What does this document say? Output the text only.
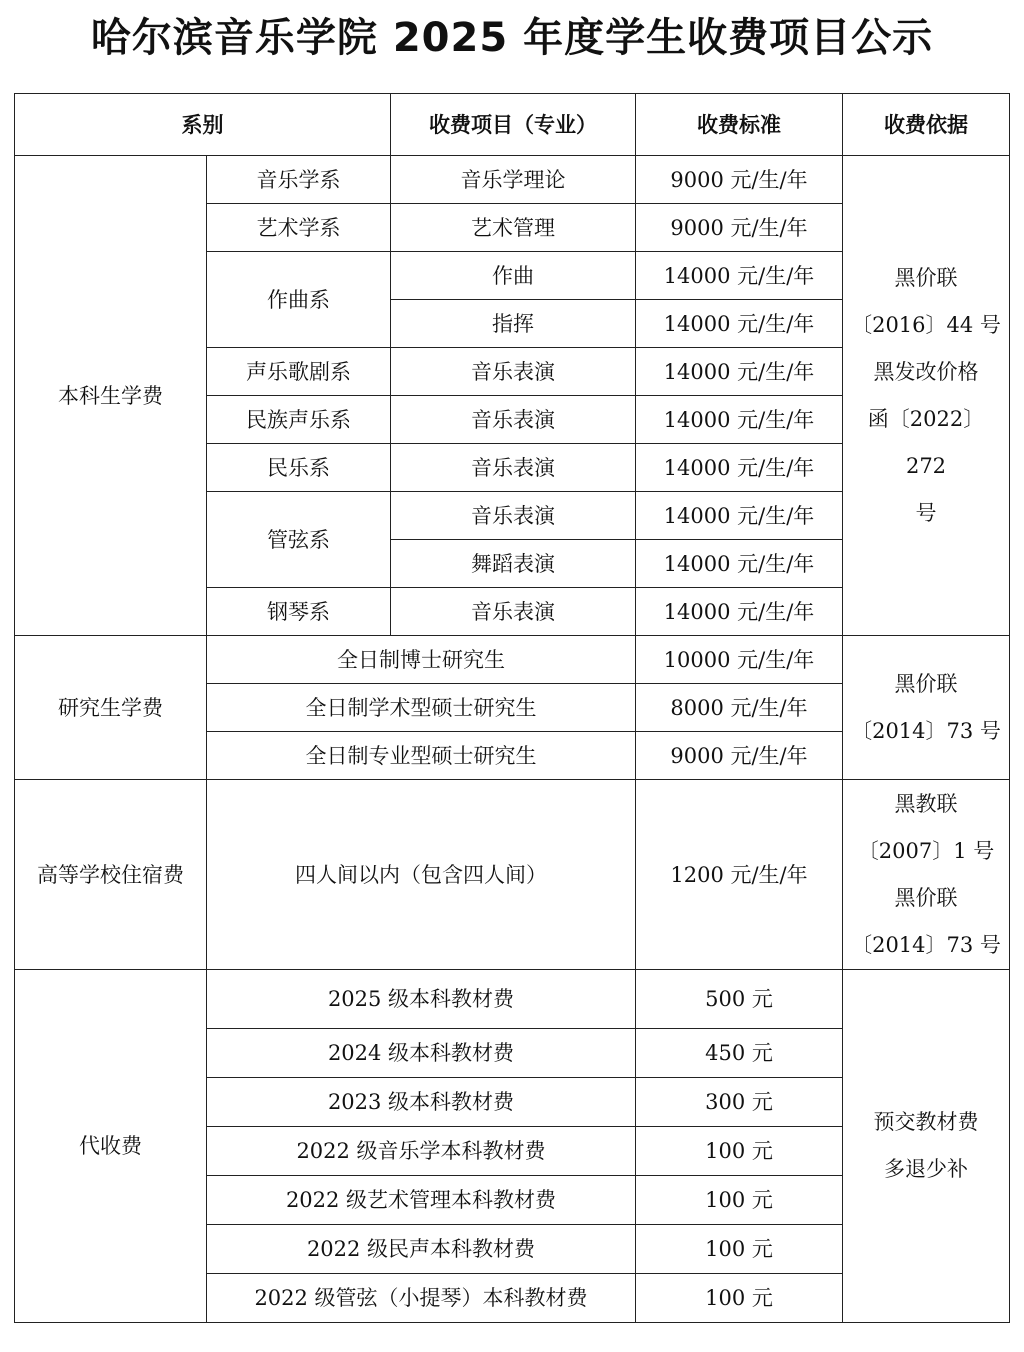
哈尔滨音乐学院 2025 年度学生收费项目公示
系别		收费项目（专业）	收费标准	收费依据
本科生学费	音乐学系	音乐学理论	9000 元/生/年	黑价联
〔2016〕44 号
黑发改价格
函〔2022〕272
号

	艺术学系	艺术管理	9000 元/生/年	
	作曲系	作曲	14000 元/生/年	
		指挥	14000 元/生/年	
	声乐歌剧系	音乐表演	14000 元/生/年	
	民族声乐系	音乐表演	14000 元/生/年	
	民乐系	音乐表演	14000 元/生/年	
	管弦系	音乐表演	14000 元/生/年	
		舞蹈表演	14000 元/生/年	
	钢琴系	音乐表演	14000 元/生/年	
研究生学费	全日制博士研究生		10000 元/生/年	黑价联
〔2014〕73 号

	全日制学术型硕士研究生		8000 元/生/年	
	全日制专业型硕士研究生		9000 元/生/年	
高等学校住宿费	四人间以内（包含四人间）		1200 元/生/年	黑教联
〔2007〕1 号
黑价联
〔2014〕73 号

代收费	2025 级本科教材费		500 元	预交教材费
多退少补

	2024 级本科教材费		450 元	
	2023 级本科教材费		300 元	
	2022 级音乐学本科教材费		100 元	
	2022 级艺术管理本科教材费		100 元	
	2022 级民声本科教材费		100 元	
	2022 级管弦（小提琴）本科教材费		100 元	
